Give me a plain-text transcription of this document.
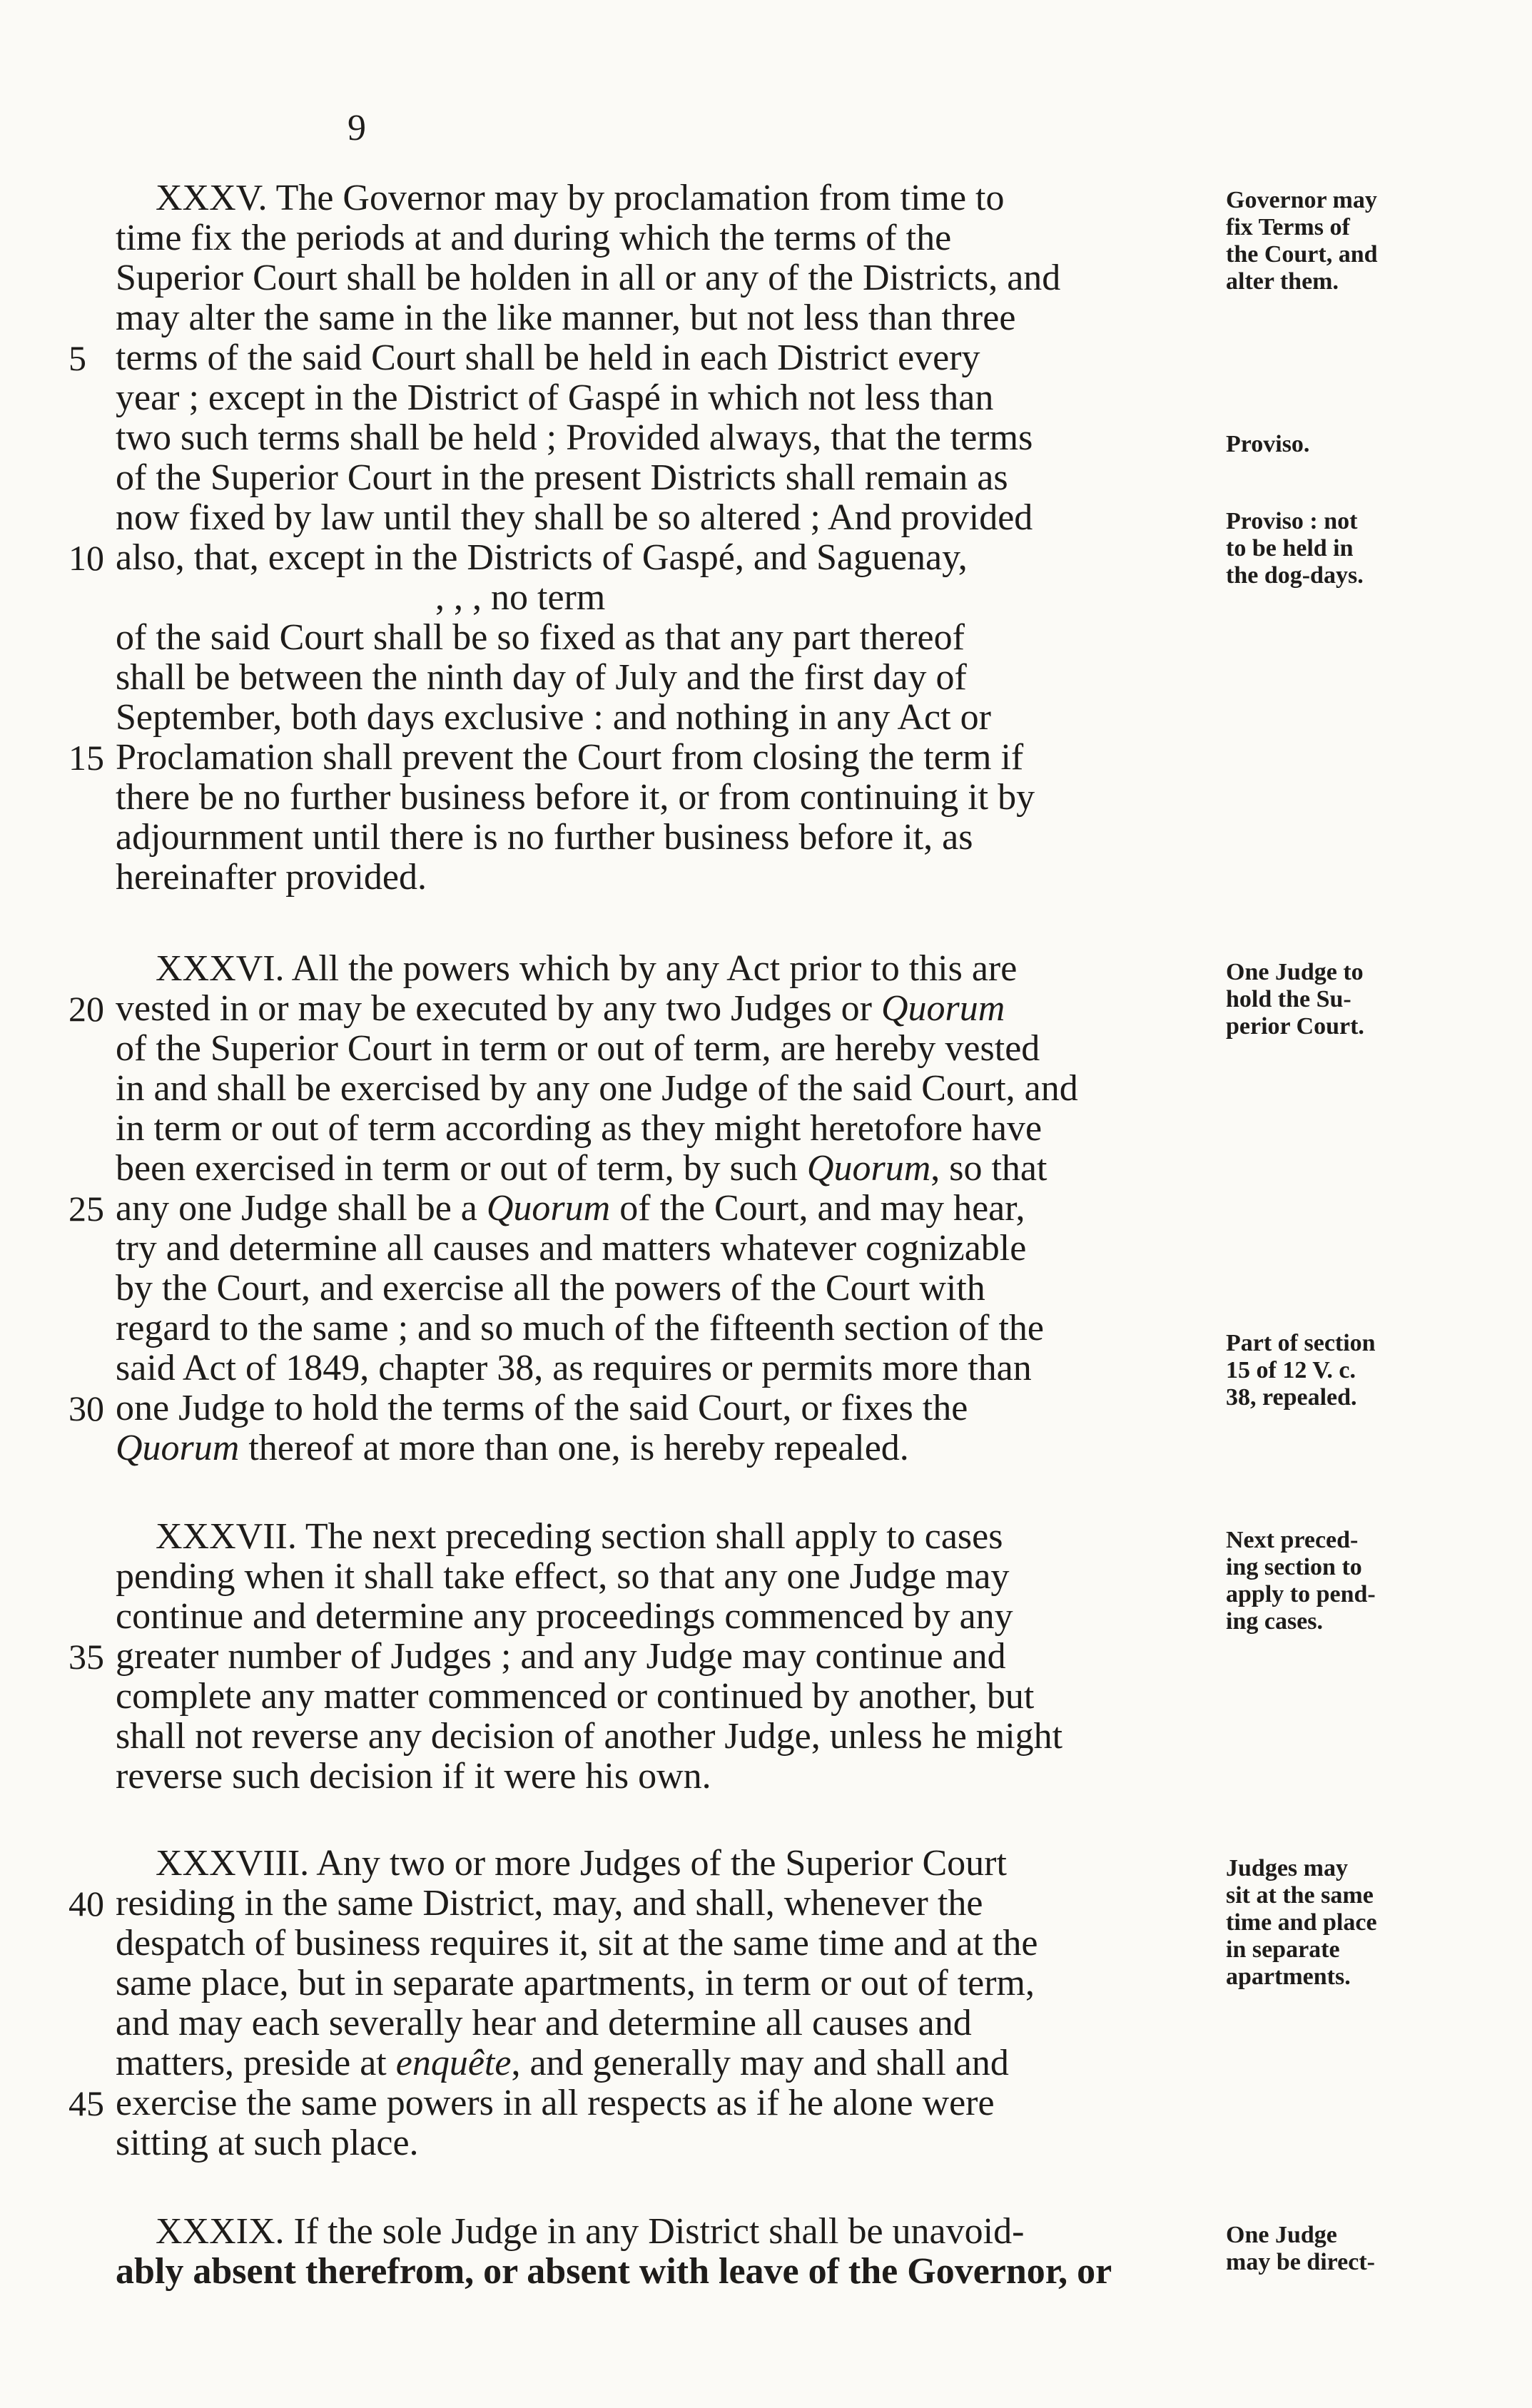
9
XXXV. The Governor may by proclamation from time to
time fix the periods at and during which the terms of the
Superior Court shall be holden in all or any of the Districts, and
may alter the same in the like manner, but not less than three
5 terms of the said Court shall be held in each District every
year ; except in the District of Gaspé in which not less than
two such terms shall be held ; Provided always, that the terms
of the Superior Court in the present Districts shall remain as
now fixed by law until they shall be so altered ; And provided
10 also, that, except in the Districts of Gaspé, and Saguenay,
, , , no term
of the said Court shall be so fixed as that any part thereof
shall be between the ninth day of July and the first day of
September, both days exclusive : and nothing in any Act or
15 Proclamation shall prevent the Court from closing the term if
there be no further business before it, or from continuing it by
adjournment until there is no further business before it, as
hereinafter provided.
Governor may
fix Terms of
the Court, and
alter them.
Proviso.
Proviso : not
to be held in
the dog-days.
XXXVI. All the powers which by any Act prior to this are
20 vested in or may be executed by any two Judges or Quorum
of the Superior Court in term or out of term, are hereby vested
in and shall be exercised by any one Judge of the said Court, and
in term or out of term according as they might heretofore have
been exercised in term or out of term, by such Quorum, so that
25 any one Judge shall be a Quorum of the Court, and may hear,
try and determine all causes and matters whatever cognizable
by the Court, and exercise all the powers of the Court with
regard to the same ; and so much of the fifteenth section of the
said Act of 1849, chapter 38, as requires or permits more than
30 one Judge to hold the terms of the said Court, or fixes the
Quorum thereof at more than one, is hereby repealed.
One Judge to
hold the Su-
perior Court.
Part of section
15 of 12 V. c.
38, repealed.
XXXVII. The next preceding section shall apply to cases
pending when it shall take effect, so that any one Judge may
continue and determine any proceedings commenced by any
35 greater number of Judges ; and any Judge may continue and
complete any matter commenced or continued by another, but
shall not reverse any decision of another Judge, unless he might
reverse such decision if it were his own.
Next preced-
ing section to
apply to pend-
ing cases.
XXXVIII. Any two or more Judges of the Superior Court
40 residing in the same District, may, and shall, whenever the
despatch of business requires it, sit at the same time and at the
same place, but in separate apartments, in term or out of term,
and may each severally hear and determine all causes and
matters, preside at enquête, and generally may and shall and
45 exercise the same powers in all respects as if he alone were
sitting at such place.
Judges may
sit at the same
time and place
in separate
apartments.
XXXIX. If the sole Judge in any District shall be unavoid-
ably absent therefrom, or absent with leave of the Governor, or
One Judge
may be direct-
